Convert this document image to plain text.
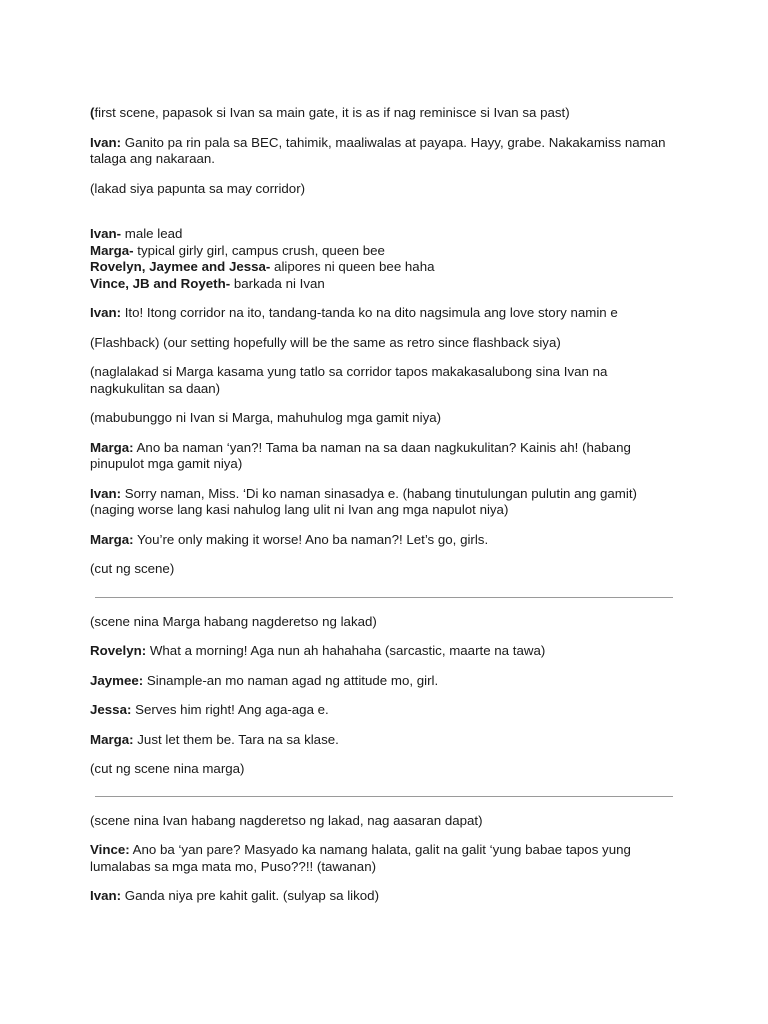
(first scene, papasok si Ivan sa main gate, it is as if nag reminisce si Ivan sa past)

Ivan: Ganito pa rin pala sa BEC, tahimik, maaliwalas at payapa. Hayy, grabe. Nakakamiss naman talaga ang nakaraan.

(lakad siya papunta sa may corridor)

Ivan- male lead

Marga- typical girly girl, campus crush, queen bee

Rovelyn, Jaymee and Jessa- alipores ni queen bee haha

Vince, JB and Royeth- barkada ni Ivan

Ivan: Ito! Itong corridor na ito, tandang-tanda ko na dito nagsimula ang love story namin e

(Flashback) (our setting hopefully will be the same as retro since flashback siya)

(naglalakad si Marga kasama yung tatlo sa corridor tapos makakasalubong sina Ivan na nagkukulitan sa daan)

(mabubunggo ni Ivan si Marga, mahuhulog mga gamit niya)

Marga: Ano ba naman ‘yan?! Tama ba naman na sa daan nagkukulitan? Kainis ah! (habang pinupulot mga gamit niya)

Ivan: Sorry naman, Miss. ‘Di ko naman sinasadya e. (habang tinutulungan pulutin ang gamit) (naging worse lang kasi nahulog lang ulit ni Ivan ang mga napulot niya)

Marga: You’re only making it worse! Ano ba naman?! Let’s go, girls.

(cut ng scene)

(scene nina Marga habang nagderetso ng lakad)

Rovelyn: What a morning! Aga nun ah hahahaha (sarcastic, maarte na tawa)

Jaymee: Sinample-an mo naman agad ng attitude mo, girl.

Jessa: Serves him right! Ang aga-aga e.

Marga: Just let them be. Tara na sa klase.

(cut ng scene nina marga)

(scene nina Ivan habang nagderetso ng lakad, nag aasaran dapat)

Vince: Ano ba ‘yan pare? Masyado ka namang halata, galit na galit ‘yung babae tapos yung lumalabas sa mga mata mo, Puso??!! (tawanan)

Ivan: Ganda niya pre kahit galit. (sulyap sa likod)
